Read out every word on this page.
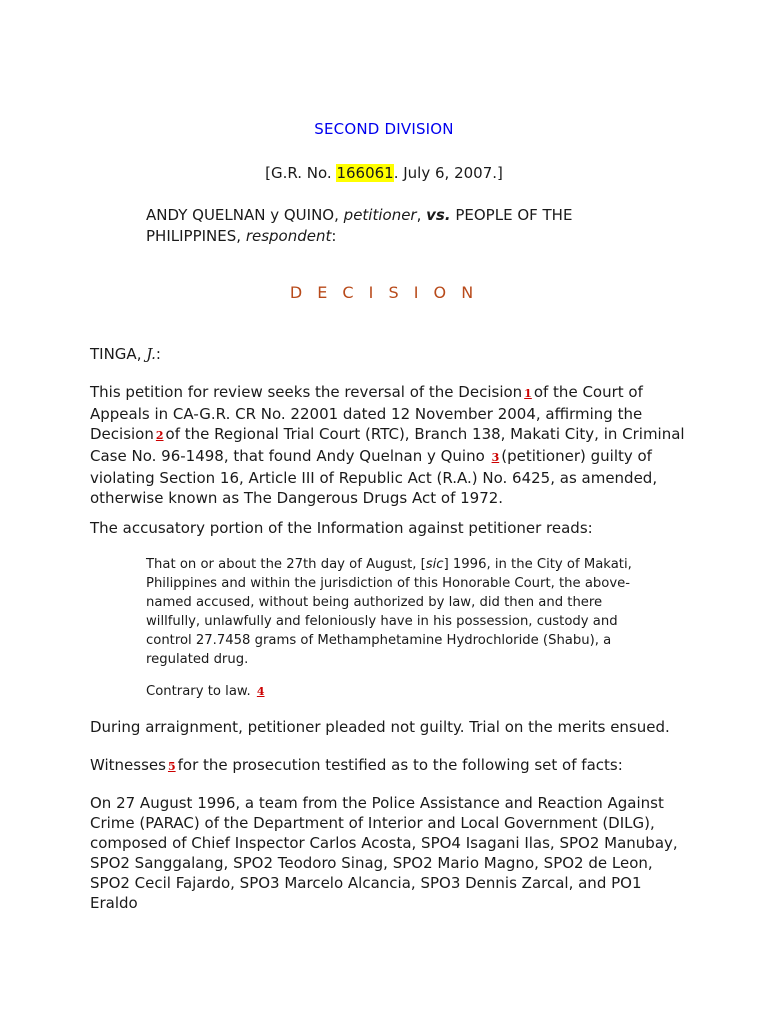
SECOND DIVISION
[G.R. No. 166061. July 6, 2007.]
ANDY QUELNAN y QUINO, petitioner, vs. PEOPLE OF THE PHILIPPINES, respondent:
D E C I S I O N
TINGA, J.:

This petition for review seeks the reversal of the Decision 1 of the Court of Appeals in CA-G.R. CR No. 22001 dated 12 November 2004, affirming the Decision 2 of the Regional Trial Court (RTC), Branch 138, Makati City, in Criminal Case No. 96-1498, that found Andy Quelnan y Quino 3 (petitioner) guilty of violating Section 16, Article III of Republic Act (R.A.) No. 6425, as amended, otherwise known as The Dangerous Drugs Act of 1972.

The accusatory portion of the Information against petitioner reads:

That on or about the 27th day of August, [sic] 1996, in the City of Makati, Philippines and within the jurisdiction of this Honorable Court, the above-named accused, without being authorized by law, did then and there willfully, unlawfully and feloniously have in his possession, custody and control 27.7458 grams of Methamphetamine Hydrochloride (Shabu), a regulated drug.

Contrary to law. 4

During arraignment, petitioner pleaded not guilty. Trial on the merits ensued.

Witnesses 5 for the prosecution testified as to the following set of facts:

On 27 August 1996, a team from the Police Assistance and Reaction Against Crime (PARAC) of the Department of Interior and Local Government (DILG), composed of Chief Inspector Carlos Acosta, SPO4 Isagani Ilas, SPO2 Manubay, SPO2 Sanggalang, SPO2 Teodoro Sinag, SPO2 Mario Magno, SPO2 de Leon, SPO2 Cecil Fajardo, SPO3 Marcelo Alcancia, SPO3 Dennis Zarcal, and PO1 Eraldo
